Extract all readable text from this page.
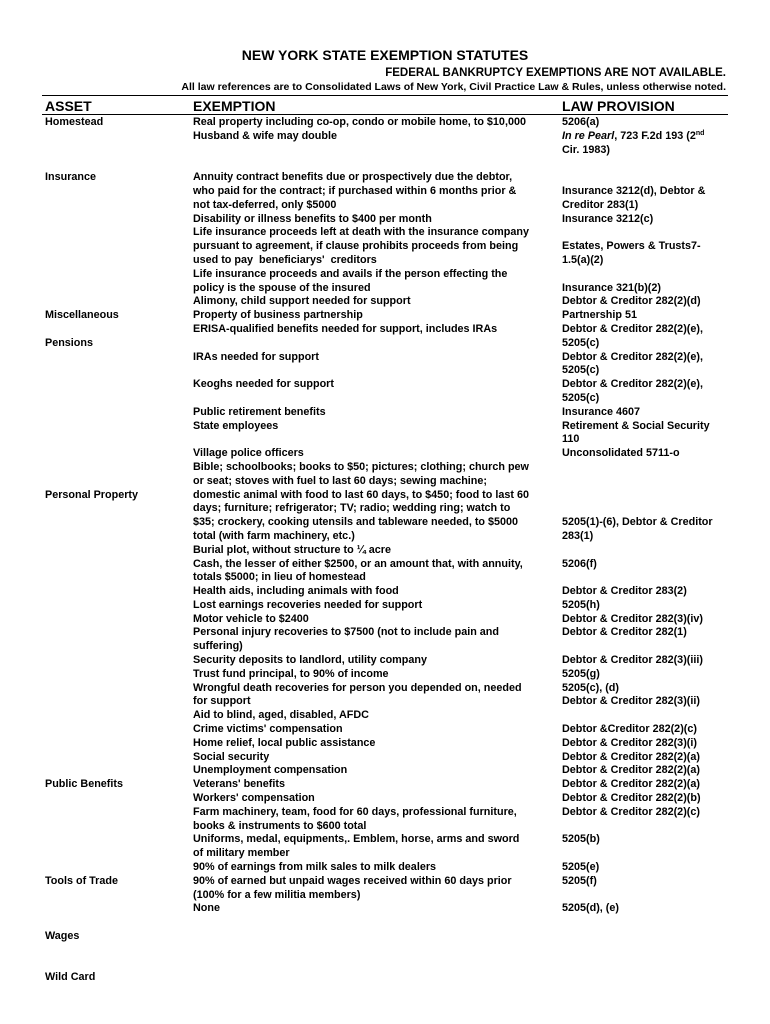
NEW YORK STATE EXEMPTION STATUTES
FEDERAL BANKRUPTCY EXEMPTIONS ARE NOT AVAILABLE.
All law references are to Consolidated Laws of New York, Civil Practice Law & Rules, unless otherwise noted.
ASSET	EXEMPTION	LAW PROVISION
Homestead
Insurance
Miscellaneous
Pensions
Personal Property
Public Benefits
Tools of Trade
Wages
Wild Card
Real property including co-op, condo or mobile home, to $10,000
Husband & wife may double
Annuity contract benefits due or prospectively due the debtor,
who paid for the contract; if purchased within 6 months prior &
not tax-deferred, only $5000
Disability or illness benefits to $400 per month
Life insurance proceeds left at death with the insurance company
pursuant to agreement, if clause prohibits proceeds from being
used to pay  beneficiarys'  creditors
Life insurance proceeds and avails if the person effecting the
policy is the spouse of the insured
Alimony, child support needed for support
Property of business partnership
ERISA-qualified benefits needed for support, includes IRAs
IRAs needed for support
Keoghs needed for support
Public retirement benefits
State employees
Village police officers
Bible; schoolbooks; books to $50; pictures; clothing; church pew
or seat; stoves with fuel to last 60 days; sewing machine;
domestic animal with food to last 60 days, to $450; food to last 60
days; furniture; refrigerator; TV; radio; wedding ring; watch to
$35; crockery, cooking utensils and tableware needed, to $5000
total (with farm machinery, etc.)
Burial plot, without structure to ¼ acre
Cash, the lesser of either $2500, or an amount that, with annuity,
totals $5000; in lieu of homestead
Health aids, including animals with food
Lost earnings recoveries needed for support
Motor vehicle to $2400
Personal injury recoveries to $7500 (not to include pain and
suffering)
Security deposits to landlord, utility company
Trust fund principal, to 90% of income
Wrongful death recoveries for person you depended on, needed
for support
Aid to blind, aged, disabled, AFDC
Crime victims' compensation
Home relief, local public assistance
Social security
Unemployment compensation
Veterans' benefits
Workers' compensation
Farm machinery, team, food for 60 days, professional furniture,
books & instruments to $600 total
Uniforms, medal, equipments,. Emblem, horse, arms and sword
of military member
90% of earnings from milk sales to milk dealers
90% of earned but unpaid wages received within 60 days prior
(100% for a few militia members)
None
5206(a)
In re Pearl, 723 F.2d 193 (2nd
Cir. 1983)
Insurance 3212(d), Debtor &
Creditor 283(1)
Insurance 3212(c)
Estates, Powers & Trusts7-
1.5(a)(2)
Insurance 321(b)(2)
Debtor & Creditor 282(2)(d)
Partnership 51
Debtor & Creditor 282(2)(e),
5205(c)
Debtor & Creditor 282(2)(e),
5205(c)
Debtor & Creditor 282(2)(e),
5205(c)
Insurance 4607
Retirement & Social Security
110
Unconsolidated 5711-o
5205(1)-(6), Debtor & Creditor
283(1)
5206(f)
Debtor & Creditor 283(2)
5205(h)
Debtor & Creditor 282(3)(iv)
Debtor & Creditor 282(1)
Debtor & Creditor 282(3)(iii)
5205(g)
5205(c), (d)
Debtor & Creditor 282(3)(ii)
Debtor &Creditor 282(2)(c)
Debtor & Creditor 282(3)(i)
Debtor & Creditor 282(2)(a)
Debtor & Creditor 282(2)(a)
Debtor & Creditor 282(2)(a)
Debtor & Creditor 282(2)(b)
Debtor & Creditor 282(2)(c)
5205(b)
5205(e)
5205(f)
5205(d), (e)
